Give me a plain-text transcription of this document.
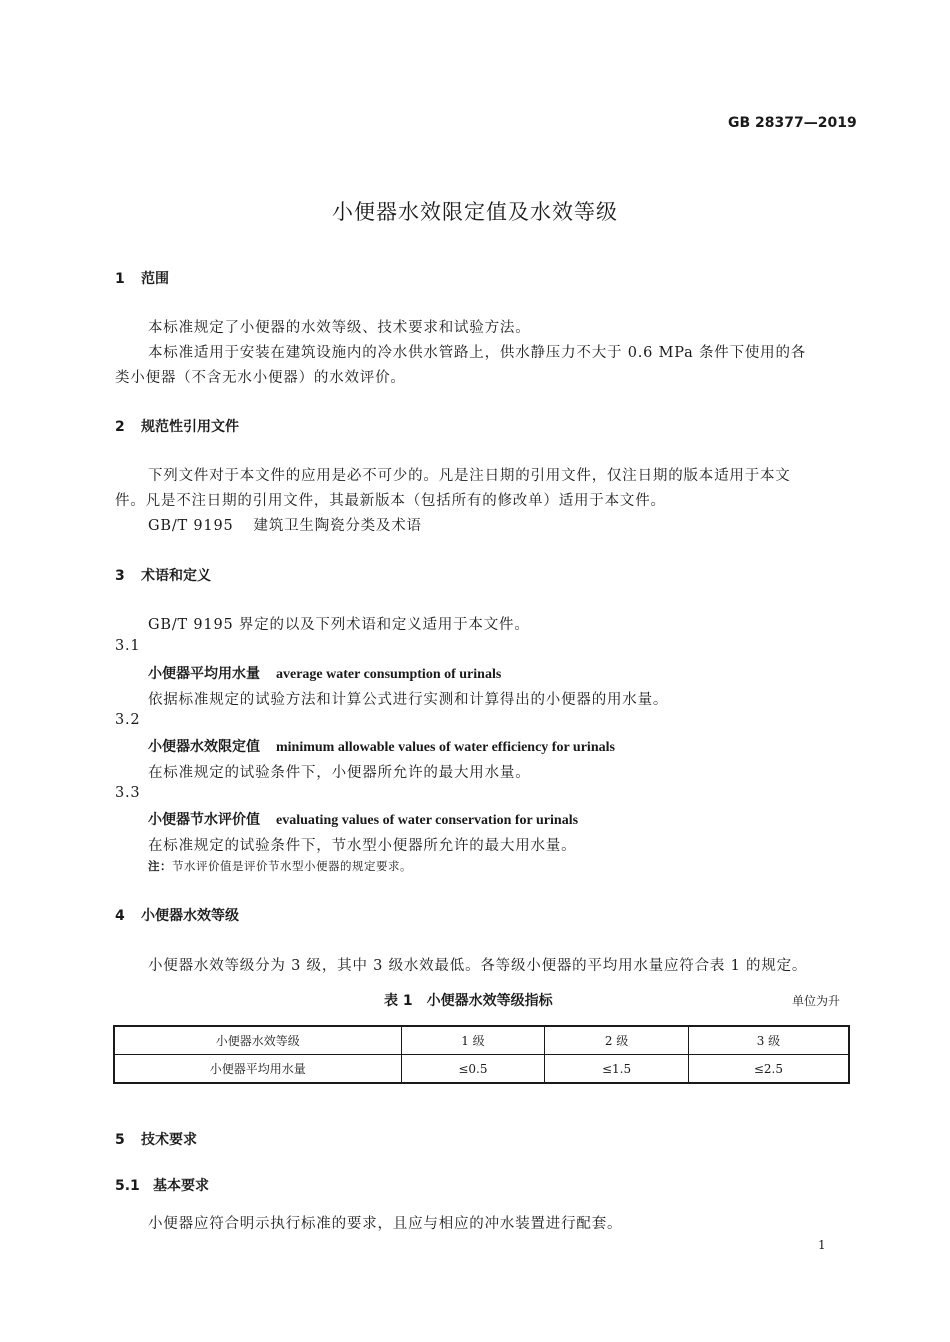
GB 28377—2019
小便器水效限定值及水效等级
1 范围
本标准规定了小便器的水效等级、技术要求和试验方法。
本标准适用于安装在建筑设施内的冷水供水管路上，供水静压力不大于 0.6 MPa 条件下使用的各
类小便器（不含无水小便器）的水效评价。
2 规范性引用文件
下列文件对于本文件的应用是必不可少的。凡是注日期的引用文件，仅注日期的版本适用于本文
件。凡是不注日期的引用文件，其最新版本（包括所有的修改单）适用于本文件。
GB/T 9195 建筑卫生陶瓷分类及术语
3 术语和定义
GB/T 9195 界定的以及下列术语和定义适用于本文件。
3.1
小便器平均用水量 average water consumption of urinals
依据标准规定的试验方法和计算公式进行实测和计算得出的小便器的用水量。
3.2
小便器水效限定值 minimum allowable values of water efficiency for urinals
在标准规定的试验条件下，小便器所允许的最大用水量。
3.3
小便器节水评价值 evaluating values of water conservation for urinals
在标准规定的试验条件下，节水型小便器所允许的最大用水量。
注：节水评价值是评价节水型小便器的规定要求。
4 小便器水效等级
小便器水效等级分为 3 级，其中 3 级水效最低。各等级小便器的平均用水量应符合表 1 的规定。
表 1　小便器水效等级指标	单位为升
小便器水效等级	1 级	2 级	3 级
小便器平均用水量	≤0.5	≤1.5	≤2.5
5 技术要求
5.1 基本要求
小便器应符合明示执行标准的要求，且应与相应的冲水装置进行配套。
1
